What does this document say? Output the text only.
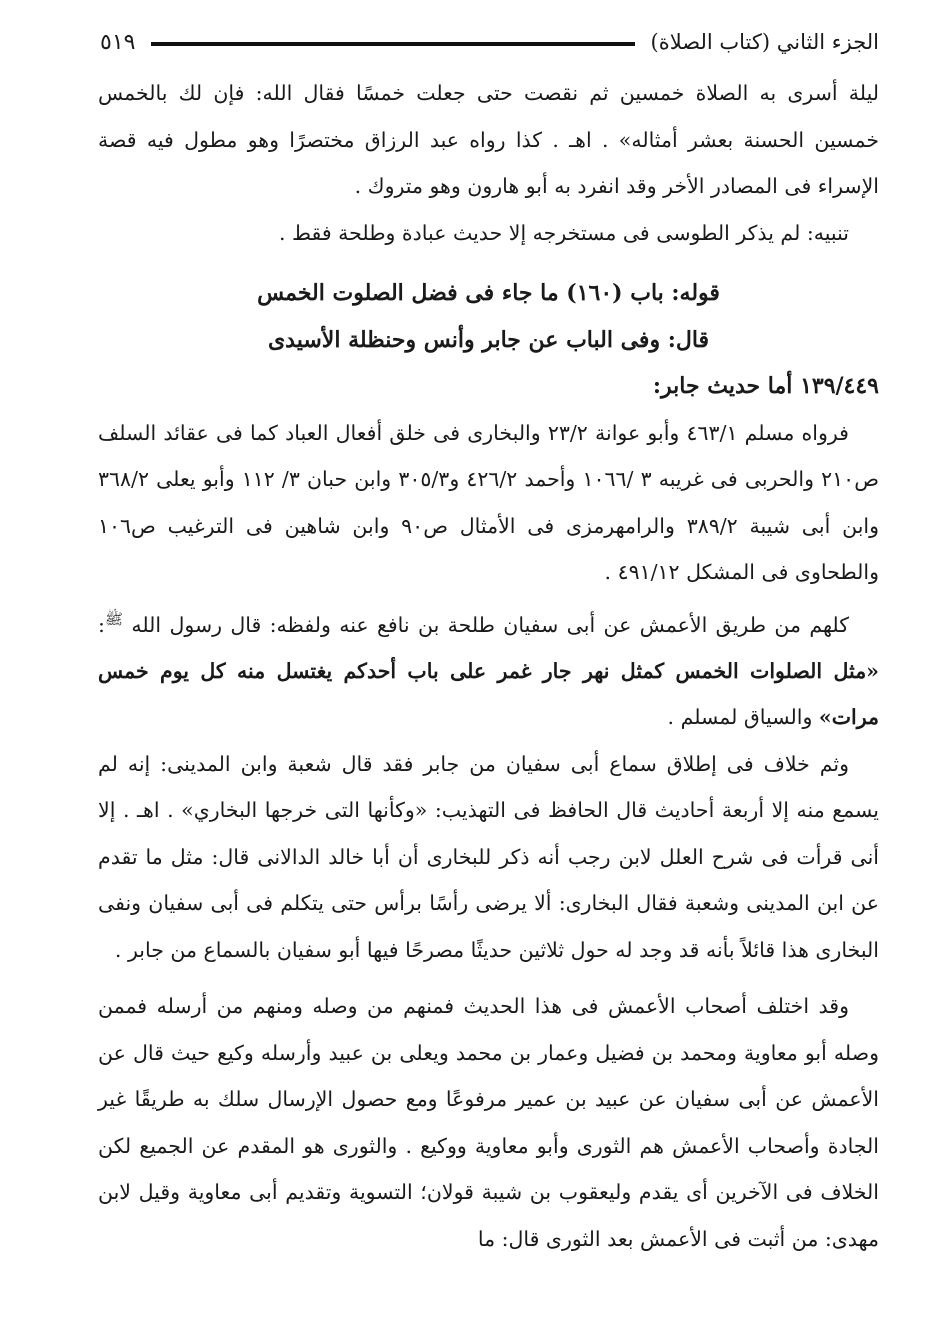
الجزء الثاني (كتاب الصلاة)
٥١٩

ليلة أسرى به الصلاة خمسين ثم نقصت حتى جعلت خمسًا فقال الله: فإن لك بالخمس خمسين الحسنة بعشر أمثاله» . اهـ . كذا رواه عبد الرزاق مختصرًا وهو مطول فيه قصة الإسراء فى المصادر الأخر وقد انفرد به أبو هارون وهو متروك .

تنبيه: لم يذكر الطوسى فى مستخرجه إلا حديث عبادة وطلحة فقط .

قوله: باب (١٦٠) ما جاء فى فضل الصلوت الخمس

قال: وفى الباب عن جابر وأنس وحنظلة الأسيدى

١٣٩/٤٤٩ أما حديث جابر:

فرواه مسلم ٤٦٣/١ وأبو عوانة ٢٣/٢ والبخارى فى خلق أفعال العباد كما فى عقائد السلف ص٢١٠ والحربى فى غريبه ٣ /١٠٦٦ وأحمد ٤٢٦/٢ و٣٠٥/٣ وابن حبان ٣/ ١١٢ وأبو يعلى ٣٦٨/٢ وابن أبى شيبة ٣٨٩/٢ والرامهرمزى فى الأمثال ص٩٠ وابن شاهين فى الترغيب ص١٠٦ والطحاوى فى المشكل ٤٩١/١٢ .

كلهم من طريق الأعمش عن أبى سفيان طلحة بن نافع عنه ولفظه: قال رسول الله $^ﷺ$: «مثل الصلوات الخمس كمثل نهر جار غمر على باب أحدكم يغتسل منه كل يوم خمس مرات» والسياق لمسلم .

وثم خلاف فى إطلاق سماع أبى سفيان من جابر فقد قال شعبة وابن المدينى: إنه لم يسمع منه إلا أربعة أحاديث قال الحافظ فى التهذيب: «وكأنها التى خرجها البخاري» . اهـ . إلا أنى قرأت فى شرح العلل لابن رجب أنه ذكر للبخارى أن أبا خالد الدالانى قال: مثل ما تقدم عن ابن المدينى وشعبة فقال البخارى: ألا يرضى رأسًا برأس حتى يتكلم فى أبى سفيان ونفى البخارى هذا قائلاً بأنه قد وجد له حول ثلاثين حديثًا مصرحًا فيها أبو سفيان بالسماع من جابر .

وقد اختلف أصحاب الأعمش فى هذا الحديث فمنهم من وصله ومنهم من أرسله فممن وصله أبو معاوية ومحمد بن فضيل وعمار بن محمد ويعلى بن عبيد وأرسله وكيع حيث قال عن الأعمش عن أبى سفيان عن عبيد بن عمير مرفوعًا ومع حصول الإرسال سلك به طريقًا غير الجادة وأصحاب الأعمش هم الثورى وأبو معاوية ووكيع . والثورى هو المقدم عن الجميع لكن الخلاف فى الآخرين أى يقدم وليعقوب بن شيبة قولان؛ التسوية وتقديم أبى معاوية وقيل لابن مهدى: من أثبت فى الأعمش بعد الثورى قال: ما
